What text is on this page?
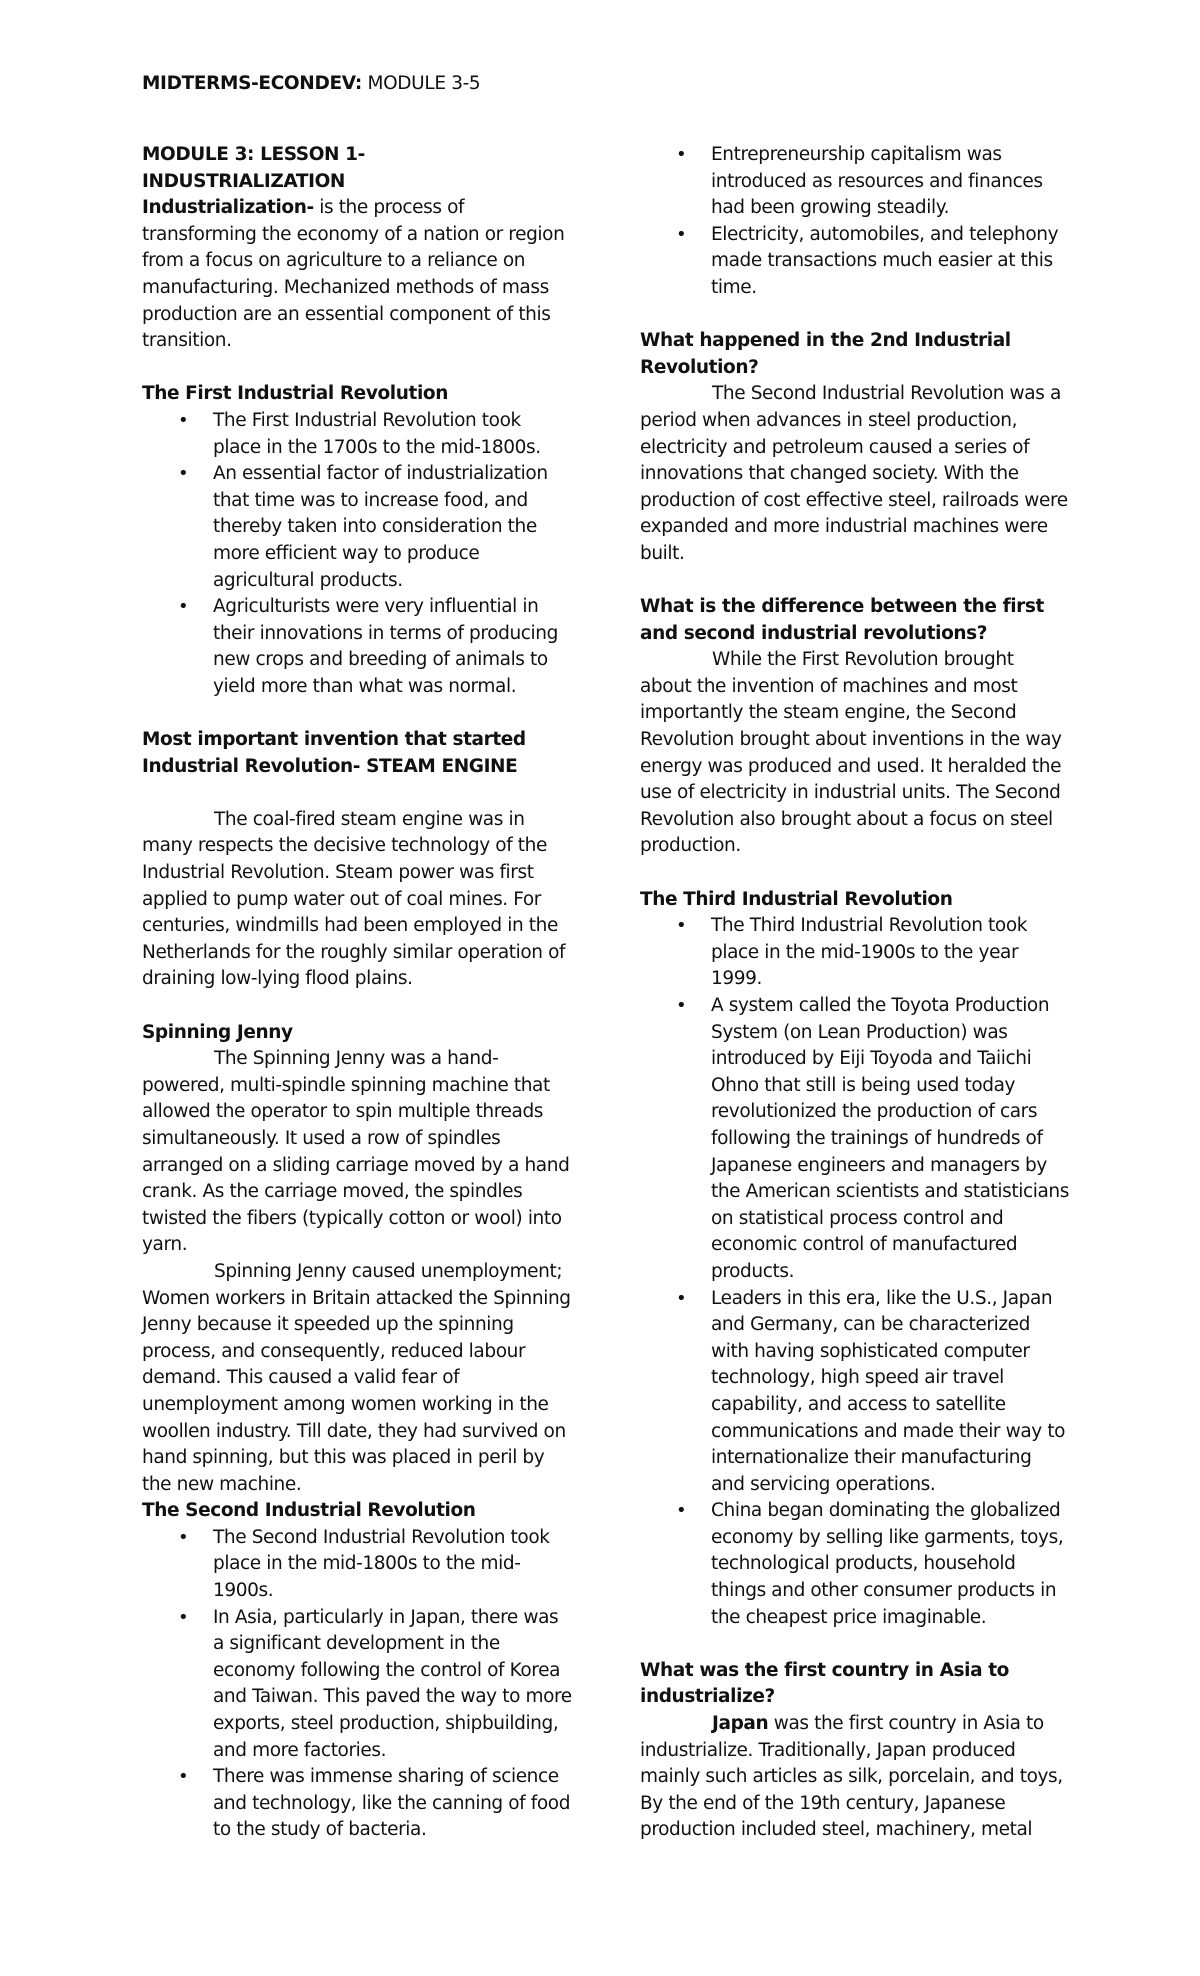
MIDTERMS-ECONDEV: MODULE 3-5

MODULE 3: LESSON 1- INDUSTRIALIZATION

Industrialization- is the process of transforming the economy of a nation or region from a focus on agriculture to a reliance on manufacturing. Mechanized methods of mass production are an essential component of this transition.

The First Industrial Revolution

• The First Industrial Revolution took place in the 1700s to the mid-1800s.
• An essential factor of industrialization that time was to increase food, and thereby taken into consideration the more efficient way to produce agricultural products.
• Agriculturists were very influential in their innovations in terms of producing new crops and breeding of animals to yield more than what was normal.

Most important invention that started Industrial Revolution- STEAM ENGINE

The coal-fired steam engine was in many respects the decisive technology of the Industrial Revolution. Steam power was first applied to pump water out of coal mines. For centuries, windmills had been employed in the Netherlands for the roughly similar operation of draining low-lying flood plains.

Spinning Jenny

The Spinning Jenny was a hand-powered, multi-spindle spinning machine that allowed the operator to spin multiple threads simultaneously. It used a row of spindles arranged on a sliding carriage moved by a hand crank. As the carriage moved, the spindles twisted the fibers (typically cotton or wool) into yarn.

Spinning Jenny caused unemployment; Women workers in Britain attacked the Spinning Jenny because it speeded up the spinning process, and consequently, reduced labour demand. This caused a valid fear of unemployment among women working in the woollen industry. Till date, they had survived on hand spinning, but this was placed in peril by the new machine.

The Second Industrial Revolution

• The Second Industrial Revolution took place in the mid-1800s to the mid-1900s.
• In Asia, particularly in Japan, there was a significant development in the economy following the control of Korea and Taiwan. This paved the way to more exports, steel production, shipbuilding, and more factories.
• There was immense sharing of science and technology, like the canning of food to the study of bacteria.
• Entrepreneurship capitalism was introduced as resources and finances had been growing steadily.
• Electricity, automobiles, and telephony made transactions much easier at this time.

What happened in the 2nd Industrial Revolution?

The Second Industrial Revolution was a period when advances in steel production, electricity and petroleum caused a series of innovations that changed society. With the production of cost effective steel, railroads were expanded and more industrial machines were built.

What is the difference between the first and second industrial revolutions?

While the First Revolution brought about the invention of machines and most importantly the steam engine, the Second Revolution brought about inventions in the way energy was produced and used. It heralded the use of electricity in industrial units. The Second Revolution also brought about a focus on steel production.

The Third Industrial Revolution

• The Third Industrial Revolution took place in the mid-1900s to the year 1999.
• A system called the Toyota Production System (on Lean Production) was introduced by Eiji Toyoda and Taiichi Ohno that still is being used today revolutionized the production of cars following the trainings of hundreds of Japanese engineers and managers by the American scientists and statisticians on statistical process control and economic control of manufactured products.
• Leaders in this era, like the U.S., Japan and Germany, can be characterized with having sophisticated computer technology, high speed air travel capability, and access to satellite communications and made their way to internationalize their manufacturing and servicing operations.
• China began dominating the globalized economy by selling like garments, toys, technological products, household things and other consumer products in the cheapest price imaginable.

What was the first country in Asia to industrialize?

Japan was the first country in Asia to industrialize. Traditionally, Japan produced mainly such articles as silk, porcelain, and toys, By the end of the 19th century, Japanese production included steel, machinery, metal
